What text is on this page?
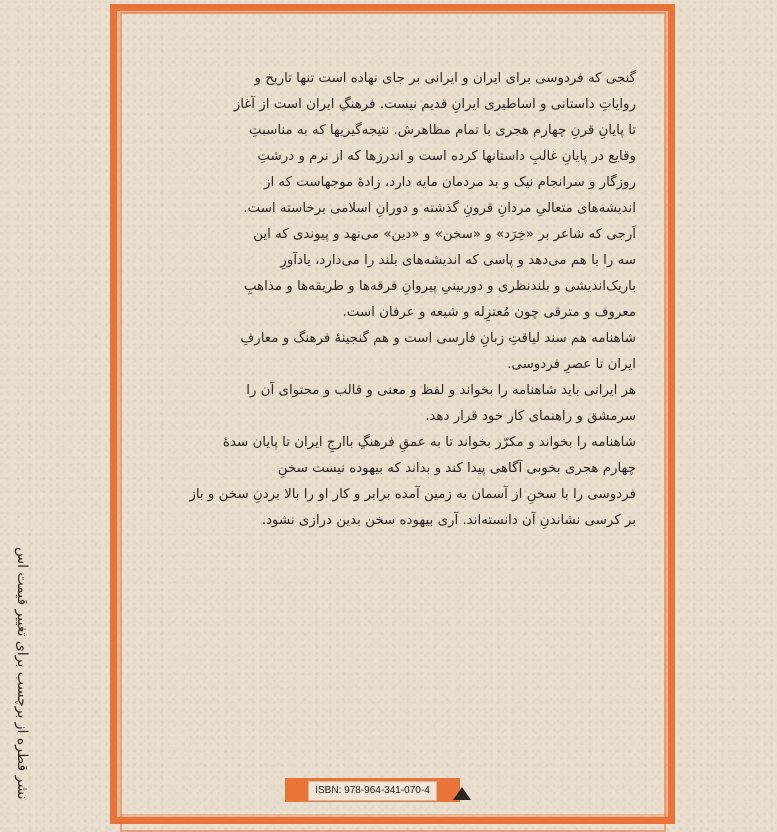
گنجی که فردوسی برای ایران و ایرانی بر جای نهاده است تنها تاریخ و

روایاتِ داستانی و اساطیری ایرانِ قدیم نیست. فرهنگِ ایران است از آغاز

تا پایانِ قرنِ چهارم هجری با تمام مظاهرش. نتیجه‌گیریها که به مناسبتِ

وقایع در پایانِ غالبِ داستانها کرده است و اندرزها که از نرم و درشتِ

روزگار و سرانجام نیک و بد مردمان مایه دارد، زادهٔ موجهاست که از

اندیشه‌های متعالیِ مردانِ قرونِ گذشته و دورانِ اسلامی برخاسته است.

اَرجی که شاعر بر «خِرَد» و «سخن» و «دین» می‌نهد و پیوندی که این

سه را با هم می‌دهد و پاسی که اندیشه‌های بلند را می‌دارد، یادآورِ

باریک‌اندیشی و بلندنظری و دوربینیِ پیروانِ فرقه‌ها و طریقه‌ها و مذاهبِ

معروف و مترقی چون مُعتزِله و شیعه و عرفان است.

شاهنامه هم سند لیاقتِ زبانِ فارسی است و هم گنجینهٔ فرهنگ و معارفِ

ایران تا عصرِ فردوسی.

هر ایرانی باید شاهنامه را بخواند و لفظ و معنی و قالب و محتوای آن را

سرمشق و راهنمای کار خود قرار دهد.

شاهنامه را بخواند و مکرّر بخواند تا به عمقِ فرهنگِ باارجِ ایران تا پایان سدهٔ

چهارم هجری بخوبی آگاهی پیدا کند و بداند که بیهوده نیست سخنِ

فردوسی را با سخنِ از آسمان به زمین آمده برابر و کار او را بالا بردنِ سخن و باز

بر کرسی نشاندنِ آن دانسته‌اند. آری بیهوده سخن بدین درازی نشود.

نشر قطره از برچسب برای تغییر قیمت اس	ISBN: 978-964-341-070-4
